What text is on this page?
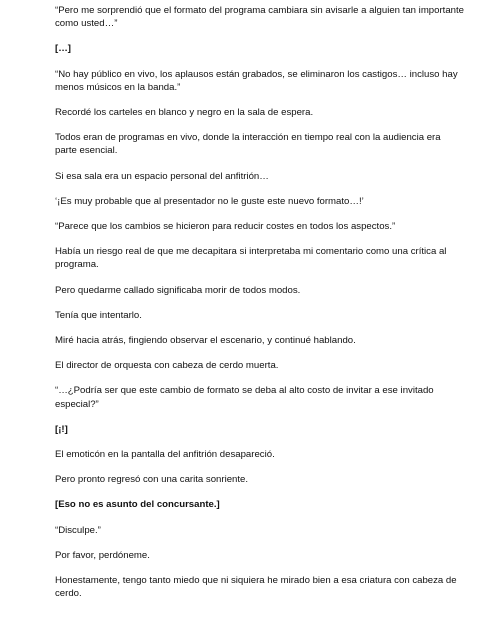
“Pero me sorprendió que el formato del programa cambiara sin avisarle a alguien tan importante como usted…”

[…]

“No hay público en vivo, los aplausos están grabados, se eliminaron los castigos… incluso hay menos músicos en la banda.”

Recordé los carteles en blanco y negro en la sala de espera.

Todos eran de programas en vivo, donde la interacción en tiempo real con la audiencia era parte esencial.

Si esa sala era un espacio personal del anfitrión…

‘¡Es muy probable que al presentador no le guste este nuevo formato…!’

“Parece que los cambios se hicieron para reducir costes en todos los aspectos.”

Había un riesgo real de que me decapitara si interpretaba mi comentario como una crítica al programa.

Pero quedarme callado significaba morir de todos modos.

Tenía que intentarlo.

Miré hacia atrás, fingiendo observar el escenario, y continué hablando.

El director de orquesta con cabeza de cerdo muerta.

“…¿Podría ser que este cambio de formato se deba al alto costo de invitar a ese invitado especial?”

[¡!]

El emoticón en la pantalla del anfitrión desapareció.

Pero pronto regresó con una carita sonriente.

[Eso no es asunto del concursante.]

“Disculpe.”

Por favor, perdóneme.

Honestamente, tengo tanto miedo que ni siquiera he mirado bien a esa criatura con cabeza de cerdo.
